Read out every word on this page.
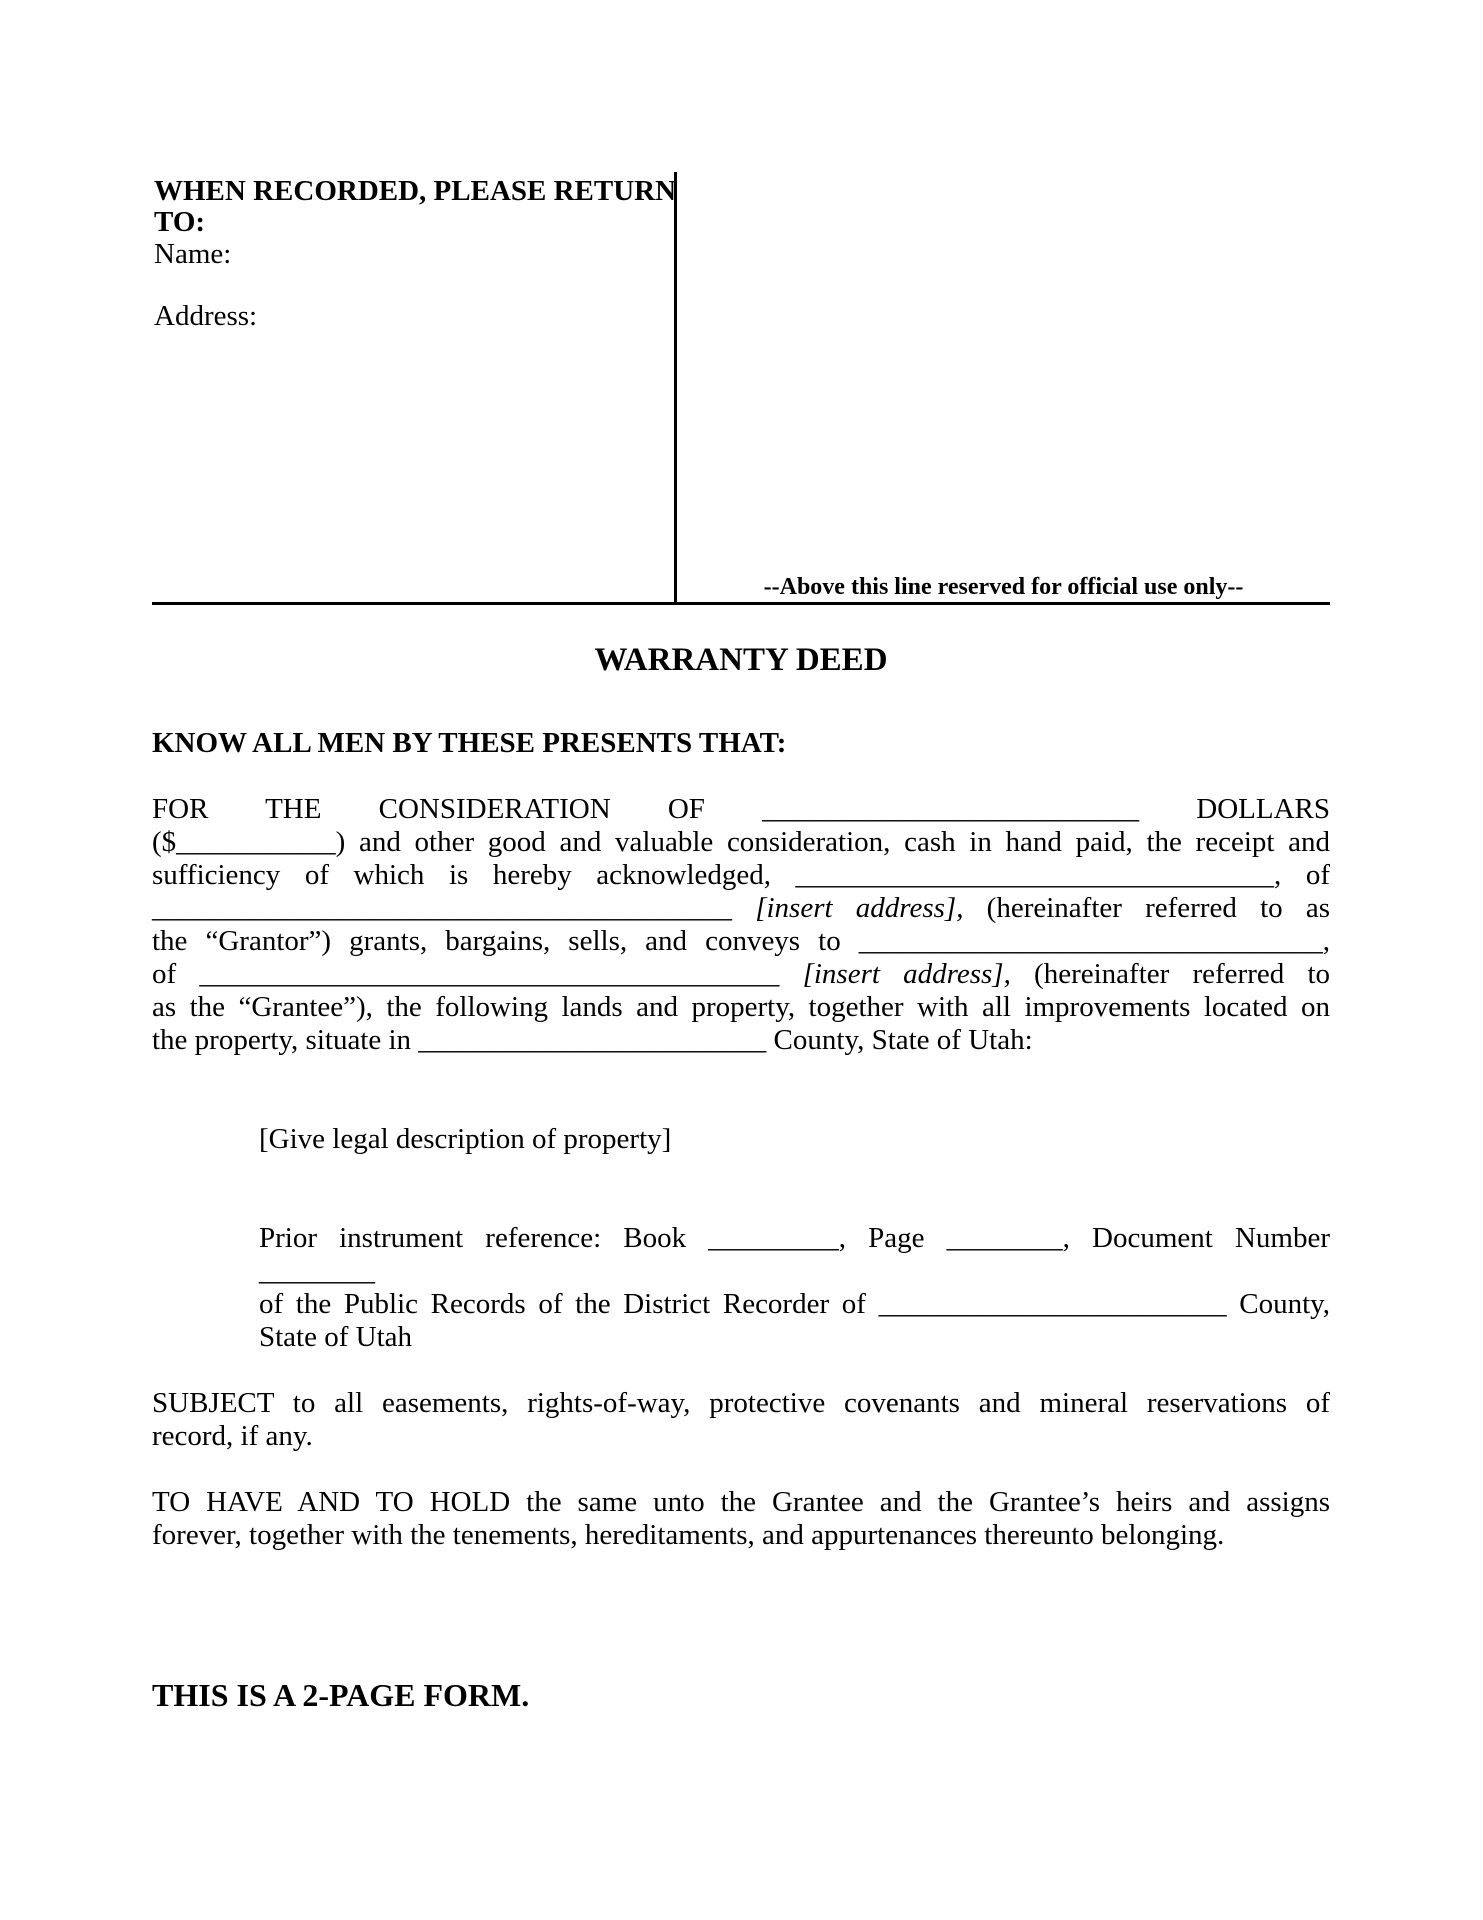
WHEN RECORDED, PLEASE RETURN
TO:
Name:
Address:
--Above this line reserved for official use only--
WARRANTY DEED
KNOW ALL MEN BY THESE PRESENTS THAT:
FOR THE CONSIDERATION OF __________________________ DOLLARS
($___________) and other good and valuable consideration, cash in hand paid, the receipt and
sufficiency of which is hereby acknowledged, _________________________________, of
________________________________________ [insert address], (hereinafter referred to as
the “Grantor”) grants, bargains, sells, and conveys to ________________________________,
of ________________________________________ [insert address], (hereinafter referred to
as the “Grantee”), the following lands and property, together with all improvements located on
the property, situate in ________________________ County, State of Utah:
[Give legal description of property]
Prior instrument reference: Book _________, Page ________, Document Number
________
of the Public Records of the District Recorder of ________________________ County,
State of Utah
SUBJECT to all easements, rights-of-way, protective covenants and mineral reservations of
record, if any.
TO HAVE AND TO HOLD the same unto the Grantee and the Grantee’s heirs and assigns
forever, together with the tenements, hereditaments, and appurtenances thereunto belonging.
THIS IS A 2-PAGE FORM.
